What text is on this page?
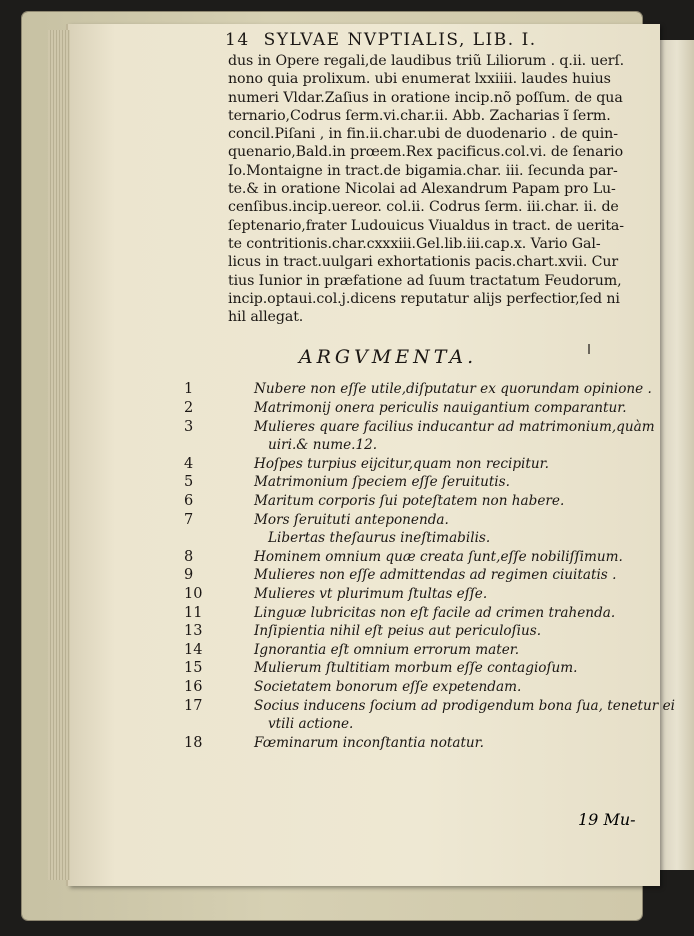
14 SYLVAE NVPTIALIS, LIB. I.
dus in Opere regali,de laudibus triũ Liliorum . q.ii. uerſ.
nono quia prolixum. ubi enumerat lxxiiii. laudes huius
numeri Vldar.Zaſius in oratione incip.nõ poſſum. de qua
ternario,Codrus ſerm.vi.char.ii. Abb. Zacharias ĩ ſerm.
concil.Piſani , in fin.ii.char.ubi de duodenario . de quin-
quenario,Bald.in prœem.Rex pacificus.col.vi. de ſenario
Io.Montaigne in tract.de bigamia.char. iii. ſecunda par-
te.& in oratione Nicolai ad Alexandrum Papam pro Lu-
cenſibus.incip.uereor. col.ii. Codrus ſerm. iii.char. ii. de
ſeptenario,frater Ludouicus Viualdus in tract. de uerita-
te contritionis.char.cxxxiii.Gel.lib.iii.cap.x. Vario Gal-
licus in tract.uulgari exhortationis pacis.chart.xvii. Cur
tius Iunior in præfatione ad ſuum tractatum Feudorum,
incip.optaui.col.j.dicens reputatur alijs perfectior,ſed ni
hil allegat.
ARGVMENTA.
1	Nubere non eſſe utile,diſputatur ex quorundam opinione .
2	Matrimonij onera periculis nauigantium comparantur.
3	Mulieres quare facilius inducantur ad matrimonium,quàm
uiri.& nume.12.
4	Hoſpes turpius eijcitur,quam non recipitur.
5	Matrimonium ſpeciem eſſe ſeruitutis.
6	Maritum corporis ſui poteſtatem non habere.
7	Mors ſeruituti anteponenda.
Libertas theſaurus ineſtimabilis.
8	Hominem omnium quæ creata ſunt,eſſe nobiliſſimum.
9	Mulieres non eſſe admittendas ad regimen ciuitatis .
10	Mulieres vt plurimum ſtultas eſſe.
11	Linguæ lubricitas non eſt facile ad crimen trahenda.
13	Inſipientia nihil eſt peius aut periculoſius.
14	Ignorantia eſt omnium errorum mater.
15	Mulierum ſtultitiam morbum eſſe contagioſum.
16	Societatem bonorum eſſe expetendam.
17	Socius inducens ſocium ad prodigendum bona ſua, tenetur ei
vtili actione.
18	Fœminarum inconſtantia notatur.
19 Mu-
